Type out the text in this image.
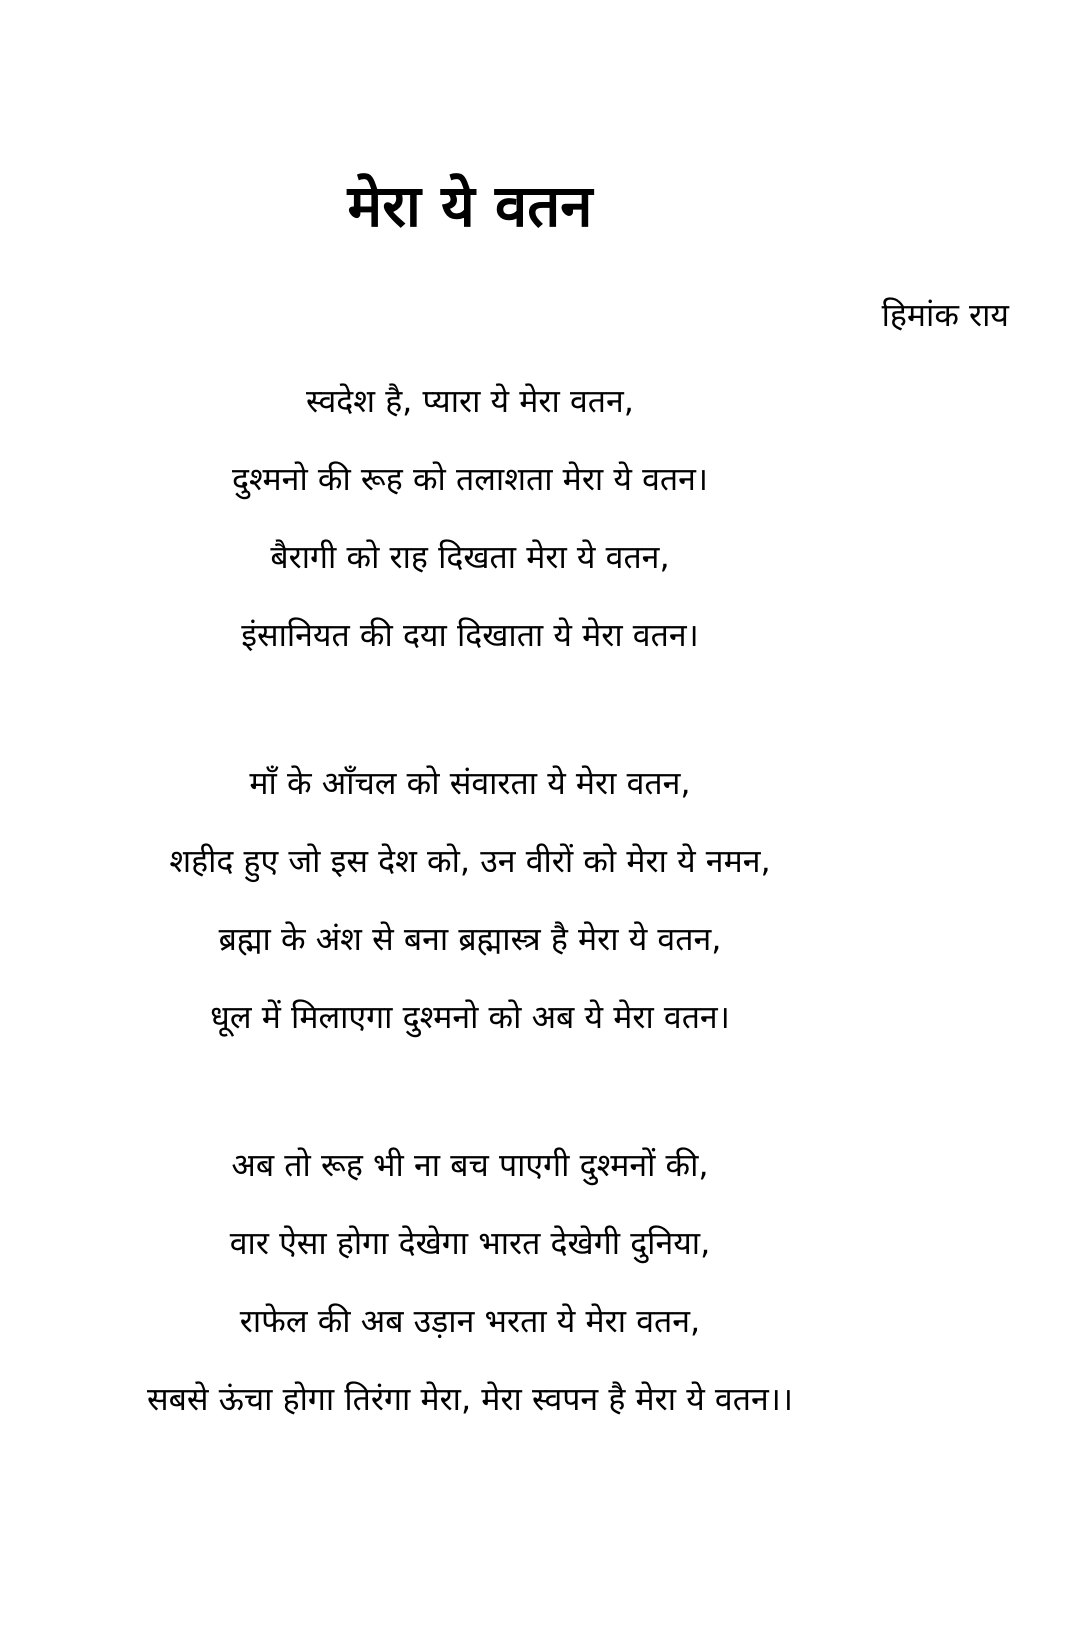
मेरा ये वतन

हिमांक राय

स्वदेश है, प्यारा ये मेरा वतन,
दुश्मनो की रूह को तलाशता मेरा ये वतन।
बैरागी को राह दिखता मेरा ये वतन,
इंसानियत की दया दिखाता ये मेरा वतन।
माँ के आँचल को संवारता ये मेरा वतन,
शहीद हुए जो इस देश को, उन वीरों को मेरा ये नमन,
ब्रह्मा के अंश से बना ब्रह्मास्त्र है मेरा ये वतन,
धूल में मिलाएगा दुश्मनो को अब ये मेरा वतन।
अब तो रूह भी ना बच पाएगी दुश्मनों की,
वार ऐसा होगा देखेगा भारत देखेगी दुनिया,
राफेल की अब उड़ान भरता ये मेरा वतन,
सबसे ऊंचा होगा तिरंगा मेरा, मेरा स्वपन है मेरा ये वतन।।
